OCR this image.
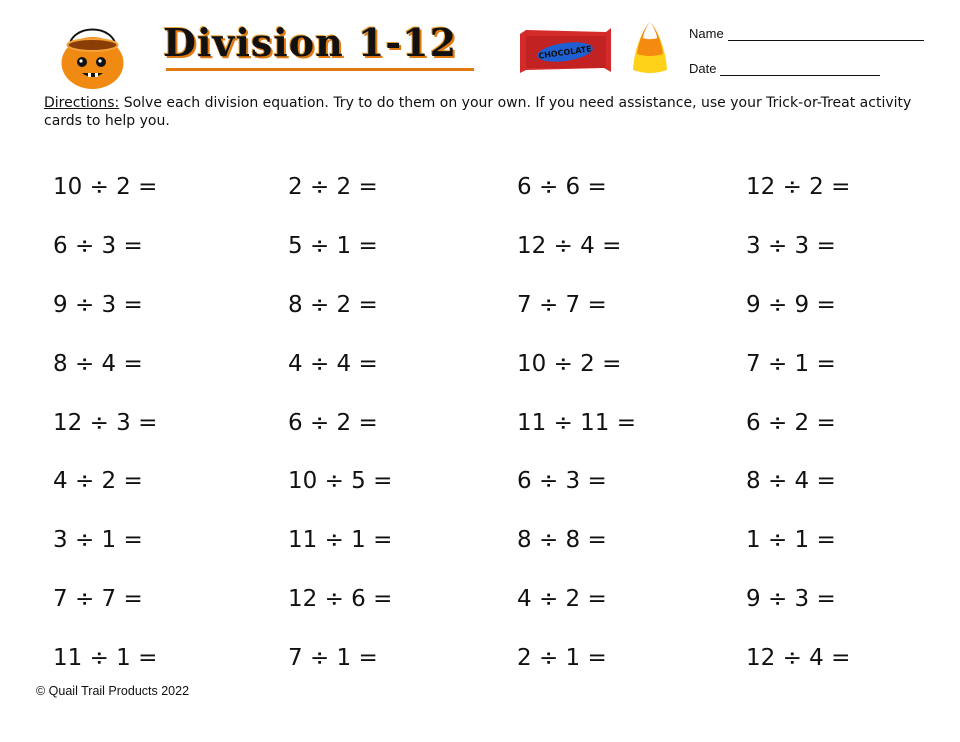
Division 1-12	CHOCOLATE
Name
Date
Directions: Solve each division equation. Try to do them on your own. If you need assistance, use your Trick-or-Treat activity cards to help you.
10 ÷ 2 =	2 ÷ 2 =	6 ÷ 6 =	12 ÷ 2 =
6 ÷ 3 =	5 ÷ 1 =	12 ÷ 4 =	3 ÷ 3 =
9 ÷ 3 =	8 ÷ 2 =	7 ÷ 7 =	9 ÷ 9 =
8 ÷ 4 =	4 ÷ 4 =	10 ÷ 2 =	7 ÷ 1 =
12 ÷ 3 =	6 ÷ 2 =	11 ÷ 11 =	6 ÷ 2 =
4 ÷ 2 =	10 ÷ 5 =	6 ÷ 3 =	8 ÷ 4 =
3 ÷ 1 =	11 ÷ 1 =	8 ÷ 8 =	1 ÷ 1 =
7 ÷ 7 =	12 ÷ 6 =	4 ÷ 2 =	9 ÷ 3 =
11 ÷ 1 =	7 ÷ 1 =	2 ÷ 1 =	12 ÷ 4 =
© Quail Trail Products 2022
